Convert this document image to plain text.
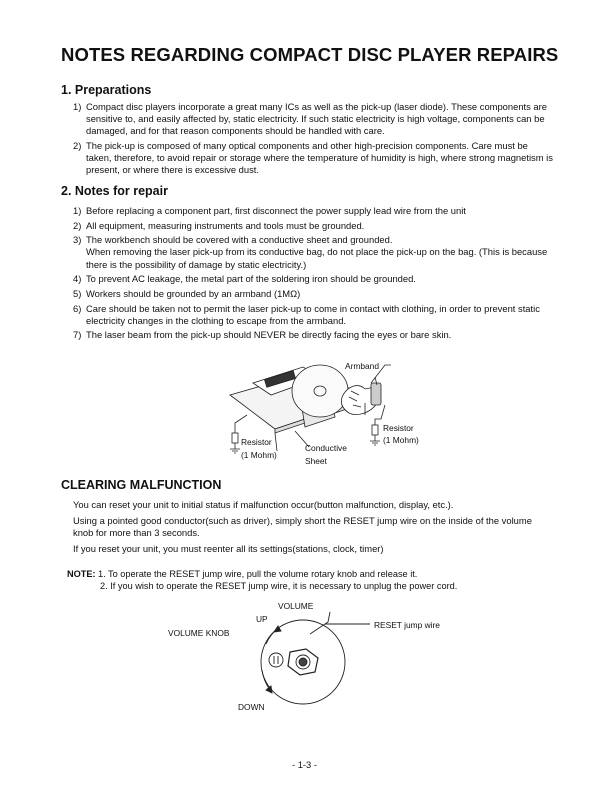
NOTES REGARDING COMPACT DISC PLAYER REPAIRS
1. Preparations
1) Compact disc players incorporate a great many ICs as well as the pick-up (laser diode). These components are sensitive to, and easily affected by, static electricity. If such static electricity is high voltage, components can be damaged, and for that reason components should be handled with care.
2) The pick-up is composed of many optical components and other high-precision components. Care must be taken, therefore, to avoid repair or storage where the temperature of humidity is high, where strong magnetism is present, or where there is excessive dust.
2. Notes for repair
1) Before replacing a component part, first disconnect the power supply lead wire from the unit
2) All equipment, measuring instruments and tools must be grounded.
3) The workbench should be covered with a conductive sheet and grounded.
When removing the laser pick-up from its conductive bag, do not place the pick-up on the bag. (This is because there is the possibility of damage by static electricity.)
4) To prevent AC leakage, the metal part of the soldering iron should be grounded.
5) Workers should be grounded by an armband (1MΩ)
6) Care should be taken not to permit the laser pick-up to come in contact with clothing, in order to prevent static electricity changes in the clothing to escape from the armband.
7) The laser beam from the pick-up should NEVER be directly facing the eyes or bare skin.
Armband
Resistor
(1 Mohm)
Conductive
Sheet
Resistor
(1 Mohm)
CLEARING MALFUNCTION

You can reset your unit to initial status if malfunction occur(button malfunction, display, etc.).

Using a pointed good conductor(such as driver), simply short the RESET jump wire on the inside of the volume knob for more than 3 seconds.

If you reset your unit, you must reenter all its settings(stations, clock, timer)

NOTE: 1. To operate the RESET jump wire, pull the volume rotary knob and release it.
2. If you wish to operate the RESET jump wire, it is necessary to unplug the power cord.
VOLUME
UP
VOLUME KNOB
RESET jump wire
DOWN
- 1-3 -
